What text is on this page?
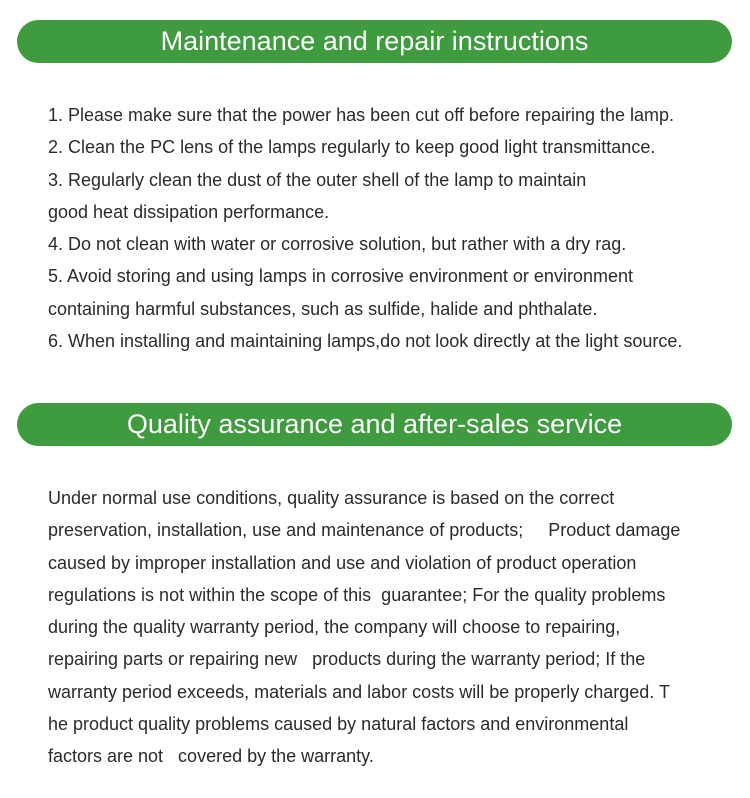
Maintenance and repair instructions
1. Please make sure that the power has been cut off before repairing the lamp.
2. Clean the PC lens of the lamps regularly to keep good light transmittance.
3. Regularly clean the dust of the outer shell of the lamp to maintain
good heat dissipation performance.
4. Do not clean with water or corrosive solution, but rather with a dry rag.
5. Avoid storing and using lamps in corrosive environment or environment
containing harmful substances, such as sulfide, halide and phthalate.
6. When installing and maintaining lamps,do not look directly at the light source.
Quality assurance and after-sales service
Under normal use conditions, quality assurance is based on the correct
preservation, installation, use and maintenance of products;     Product damage
caused by improper installation and use and violation of product operation
regulations is not within the scope of this  guarantee; For the quality problems
during the quality warranty period, the company will choose to repairing,
repairing parts or repairing new   products during the warranty period; If the
warranty period exceeds, materials and labor costs will be properly charged. T
he product quality problems caused by natural factors and environmental
factors are not   covered by the warranty.
